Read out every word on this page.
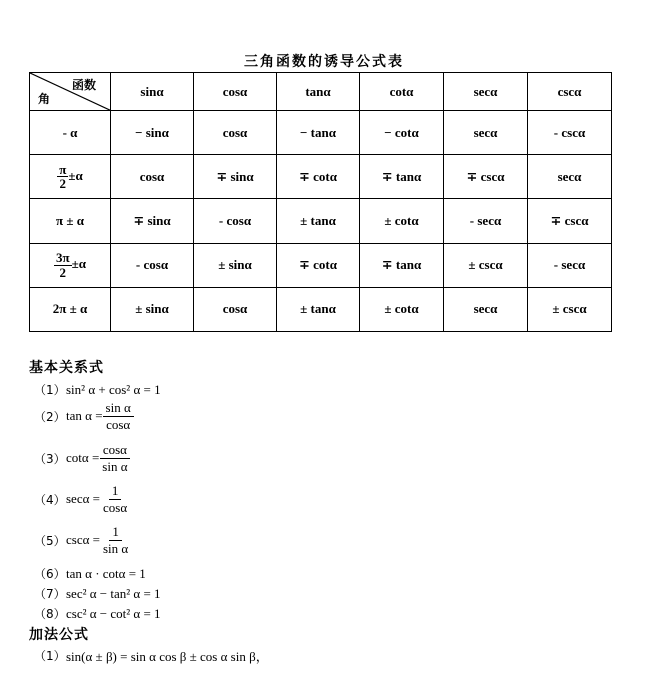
三角函数的诱导公式表
函数
角	sinα	cosα	tanα	cotα	secα	cscα
- α	− sinα	cosα	− tanα	− cotα	secα	- cscα

$\frac{\pi}{2} \pm\alpha$	cosα	∓ sinα	∓ cotα	∓ tanα	∓ cscα	secα
π ± α	∓ sinα	- cosα	± tanα	± cotα	- secα	∓ cscα

$\frac{3\pi}{2} \pm\alpha$	- cosα	± sinα	∓ cotα	∓ tanα	± cscα	- secα
2π ± α	± sinα	cosα	± tanα	± cotα	secα	± cscα
基本关系式
（1） sin² α + cos² α = 1
（2） $\tan \alpha = \frac{\text{sin α}}{\cos\alpha}$
（3） $\cot\alpha = \frac{\cos\alpha}{\text{sin α}}$
（4） $\sec\alpha = \frac{1}{\cos\alpha}$
（5） $\csc\alpha = \frac{1}{\text{sin α}}$
（6） tan α · cotα = 1
（7） sec² α − tan² α = 1
（8） csc² α − cot² α = 1
加法公式
（1） sin(α ± β) = sin α cos β ± cos α sin β，
